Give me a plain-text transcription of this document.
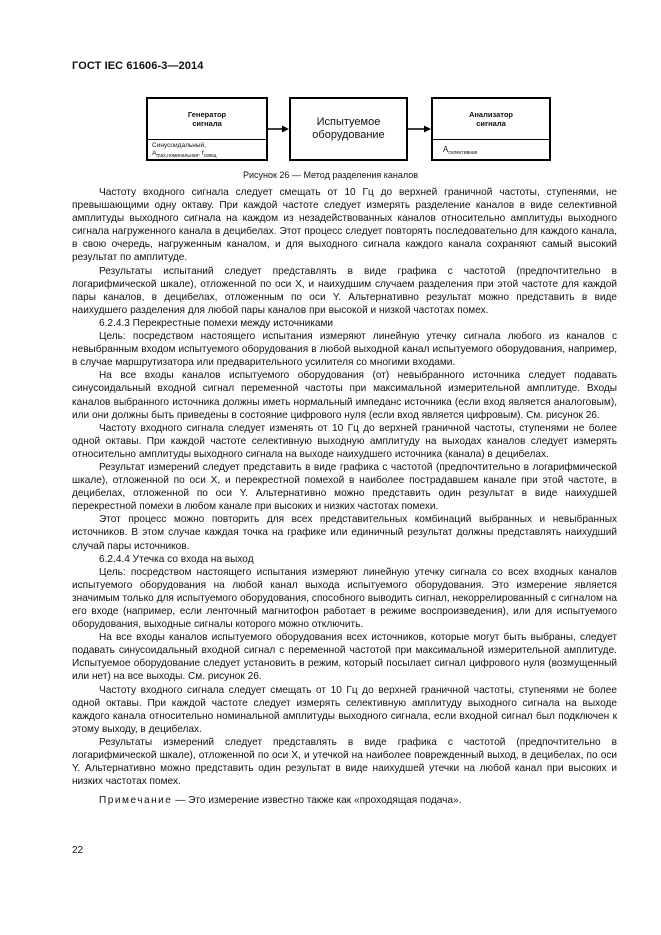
ГОСТ IEC 61606-3—2014
Генератор
сигнала
Синусоидальный,
$A_{max,номинальная}$, $f_{смещ}$
Испытуемое
оборудование
Анализатор
сигнала
$A_{селективная}$
Рисунок 26 — Метод разделения каналов

Частоту входного сигнала следует смещать от 10 Гц до верхней граничной частоты, ступенями, не превышающими одну октаву. При каждой частоте следует измерять разделение каналов в виде селективной амплитуды выходного сигнала на каждом из незадействованных каналов относительно амплитуды выходного сигнала нагруженного канала в децибелах. Этот процесс следует повторять последовательно для каждого канала, в свою очередь, нагруженным каналом, и для выходного сигнала каждого канала сохраняют самый высокий результат по амплитуде.

Результаты испытаний следует представлять в виде графика с частотой (предпочтительно в логарифмической шкале), отложенной по оси X, и наихудшим случаем разделения при этой частоте для каждой пары каналов, в децибелах, отложенным по оси Y. Альтернативно результат можно представить в виде наихудшего разделения для любой пары каналов при высокой и низкой частотах помех.

6.2.4.3 Перекрестные помехи между источниками

Цель: посредством настоящего испытания измеряют линейную утечку сигнала любого из каналов с невыбранным входом испытуемого оборудования в любой выходной канал испытуемого оборудования, например, в случае маршрутизатора или предварительного усилителя со многими входами.

На все входы каналов испытуемого оборудования (от) невыбранного источника следует подавать синусоидальный входной сигнал переменной частоты при максимальной измерительной амплитуде. Входы каналов выбранного источника должны иметь нормальный импеданс источника (если вход является аналоговым), или они должны быть приведены в состояние цифрового нуля (если вход является цифровым). См. рисунок 26.

Частоту входного сигнала следует изменять от 10 Гц до верхней граничной частоты, ступенями не более одной октавы. При каждой частоте селективную выходную амплитуду на выходах каналов следует измерять относительно амплитуды выходного сигнала на выходе наихудшего источника (канала) в децибелах.

Результат измерений следует представить в виде графика с частотой (предпочтительно в логарифмической шкале), отложенной по оси X, и перекрестной помехой в наиболее пострадавшем канале при этой частоте, в децибелах, отложенной по оси Y. Альтернативно можно представить один результат в виде наихудшей перекрестной помехи в любом канале при высоких и низких частотах помехи.

Этот процесс можно повторить для всех представительных комбинаций выбранных и невыбранных источников. В этом случае каждая точка на графике или единичный результат должны представлять наихудший случай пары источников.

6.2.4.4 Утечка со входа на выход

Цель: посредством настоящего испытания измеряют линейную утечку сигнала со всех входных каналов испытуемого оборудования на любой канал выхода испытуемого оборудования. Это измерение является значимым только для испытуемого оборудования, способного выводить сигнал, некоррелированный с сигналом на его входе (например, если ленточный магнитофон работает в режиме воспроизведения), или для испытуемого оборудования, выходные сигналы которого можно отключить.

На все входы каналов испытуемого оборудования всех источников, которые могут быть выбраны, следует подавать синусоидальный входной сигнал с переменной частотой при максимальной измерительной амплитуде. Испытуемое оборудование следует установить в режим, который посылает сигнал цифрового нуля (возмущенный или нет) на все выходы. См. рисунок 26.

Частоту входного сигнала следует смещать от 10 Гц до верхней граничной частоты, ступенями не более одной октавы. При каждой частоте следует измерять селективную амплитуду выходного сигнала на выходе каждого канала относительно номинальной амплитуды выходного сигнала, если входной сигнал был подключен к этому выходу, в децибелах.

Результаты измерений следует представлять в виде графика с частотой (предпочтительно в логарифмической шкале), отложенной по оси X, и утечкой на наиболее поврежденный выход, в децибелах, по оси Y. Альтернативно можно представить один результат в виде наихудшей утечки на любой канал при высоких и низких частотах помех.

Примечание — Это измерение известно также как «проходящая подача».

22
